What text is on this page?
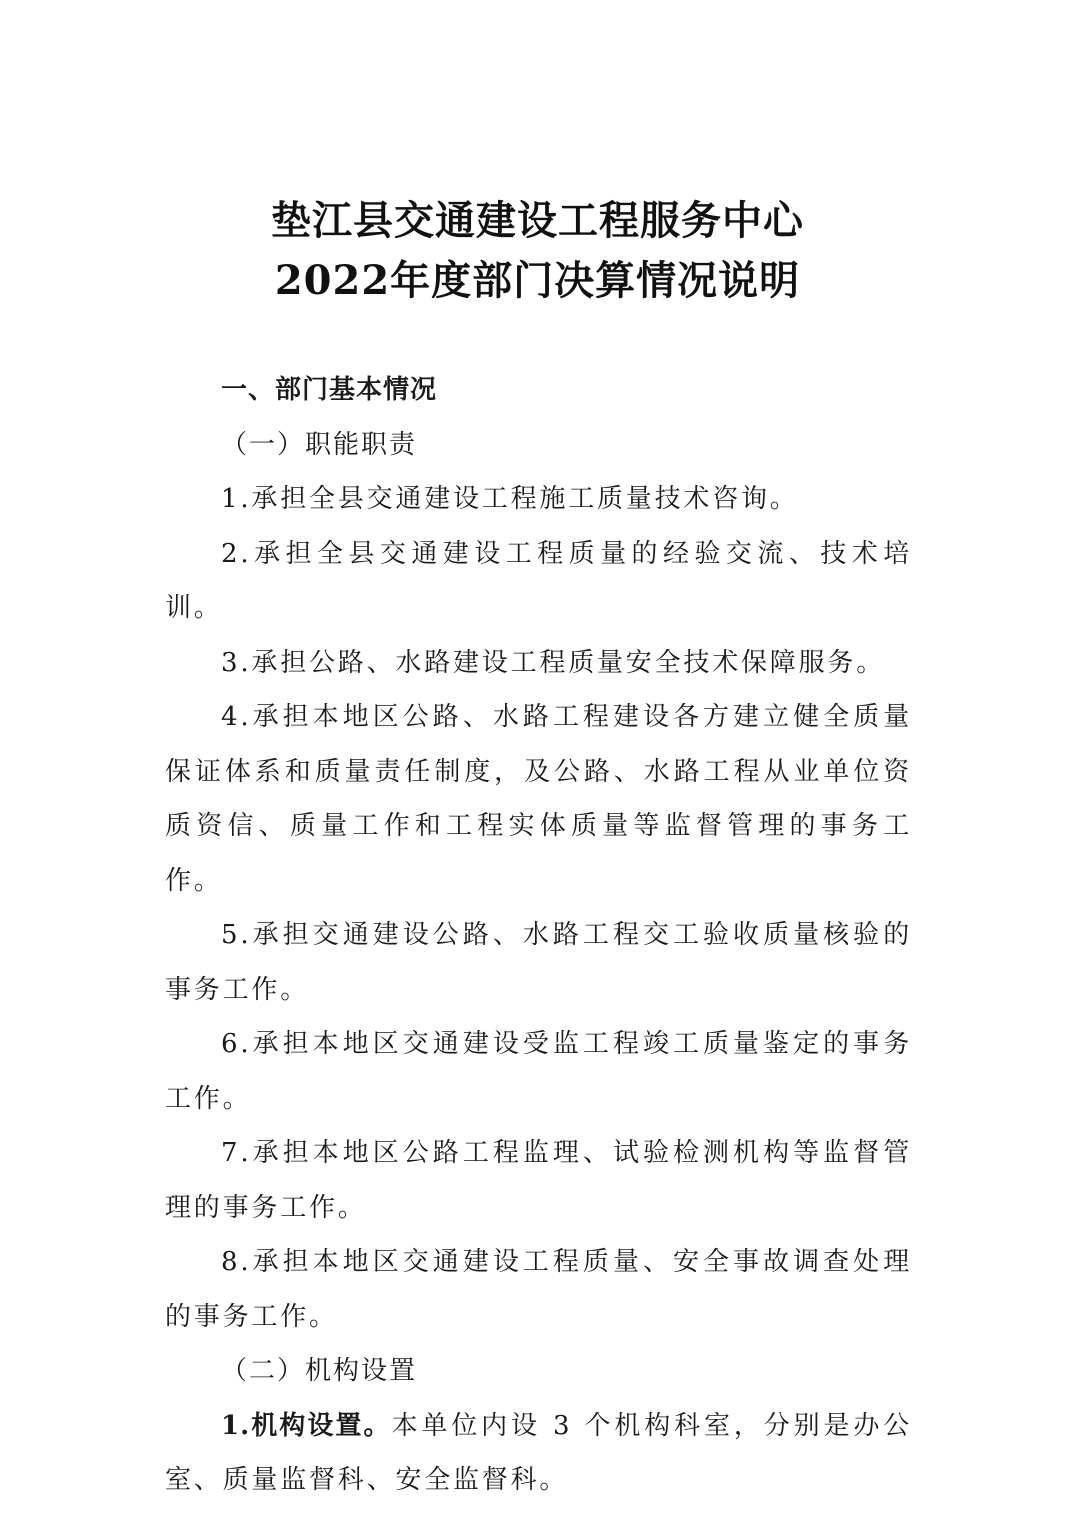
垫江县交通建设工程服务中心
2022年度部门决算情况说明

一、部门基本情况

（一）职能职责

1.承担全县交通建设工程施工质量技术咨询。

2.承担全县交通建设工程质量的经验交流、技术培训。

3.承担公路、水路建设工程质量安全技术保障服务。

4.承担本地区公路、水路工程建设各方建立健全质量保证体系和质量责任制度，及公路、水路工程从业单位资质资信、质量工作和工程实体质量等监督管理的事务工作。

5.承担交通建设公路、水路工程交工验收质量核验的事务工作。

6.承担本地区交通建设受监工程竣工质量鉴定的事务工作。

7.承担本地区公路工程监理、试验检测机构等监督管理的事务工作。

8.承担本地区交通建设工程质量、安全事故调查处理的事务工作。

（二）机构设置

1.机构设置。本单位内设 3 个机构科室，分别是办公室、质量监督科、安全监督科。
